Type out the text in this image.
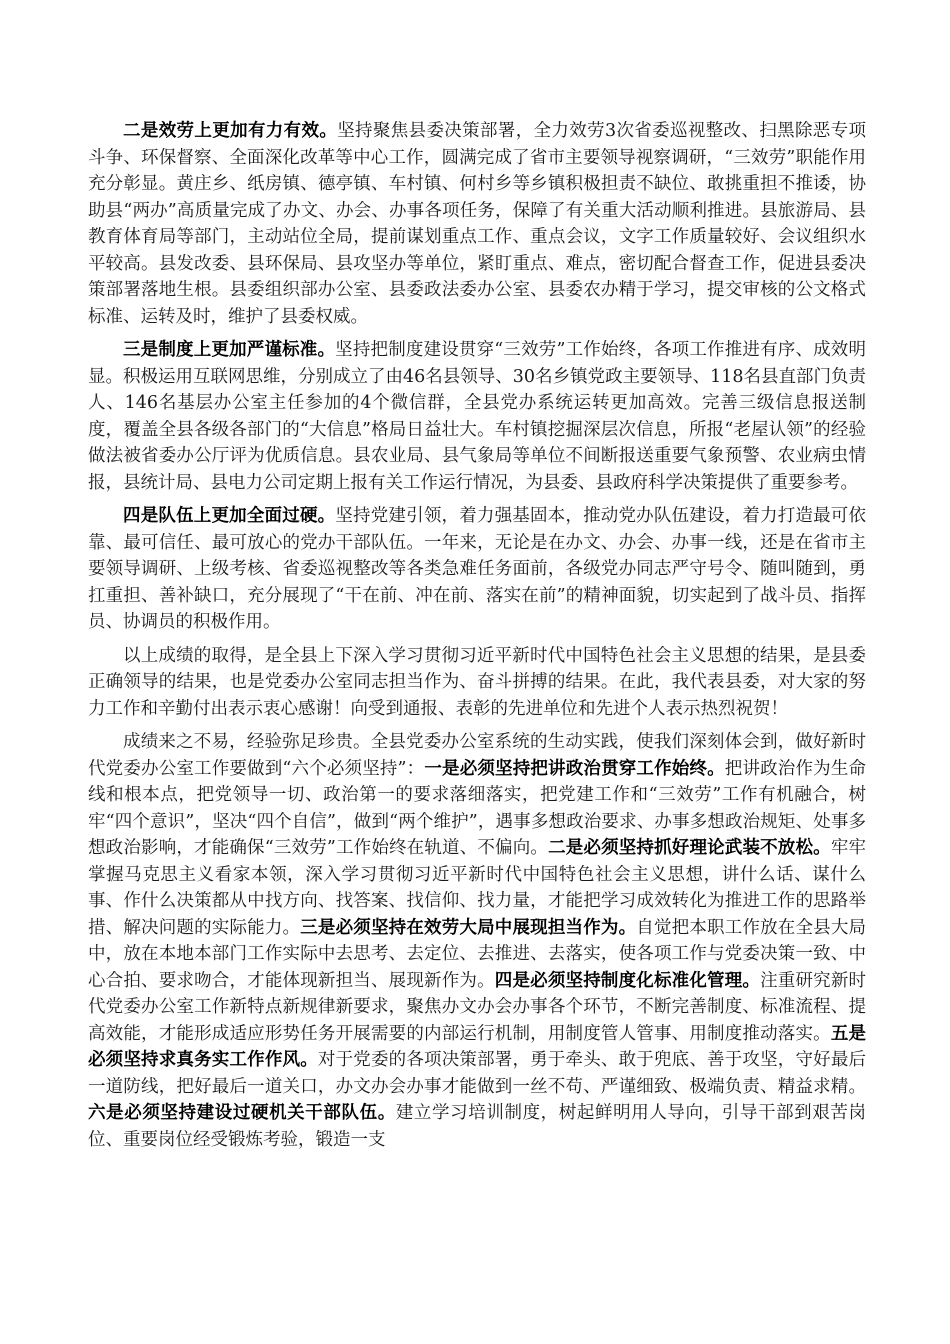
二是效劳上更加有力有效。坚持聚焦县委决策部署，全力效劳3次省委巡视整改、扫黑除恶专项斗争、环保督察、全面深化改革等中心工作，圆满完成了省市主要领导视察调研，“三效劳”职能作用充分彰显。黄庄乡、纸房镇、德亭镇、车村镇、何村乡等乡镇积极担责不缺位、敢挑重担不推诿，协助县“两办”高质量完成了办文、办会、办事各项任务，保障了有关重大活动顺利推进。县旅游局、县教育体育局等部门，主动站位全局，提前谋划重点工作、重点会议，文字工作质量较好、会议组织水平较高。县发改委、县环保局、县攻坚办等单位，紧盯重点、难点，密切配合督查工作，促进县委决策部署落地生根。县委组织部办公室、县委政法委办公室、县委农办精于学习，提交审核的公文格式标准、运转及时，维护了县委权威。

三是制度上更加严谨标准。坚持把制度建设贯穿“三效劳”工作始终，各项工作推进有序、成效明显。积极运用互联网思维，分别成立了由46名县领导、30名乡镇党政主要领导、118名县直部门负责人、146名基层办公室主任参加的4个微信群，全县党办系统运转更加高效。完善三级信息报送制度，覆盖全县各级各部门的“大信息”格局日益壮大。车村镇挖掘深层次信息，所报“老屋认领”的经验做法被省委办公厅评为优质信息。县农业局、县气象局等单位不间断报送重要气象预警、农业病虫情报，县统计局、县电力公司定期上报有关工作运行情况，为县委、县政府科学决策提供了重要参考。

四是队伍上更加全面过硬。坚持党建引领，着力强基固本，推动党办队伍建设，着力打造最可依靠、最可信任、最可放心的党办干部队伍。一年来，无论是在办文、办会、办事一线，还是在省市主要领导调研、上级考核、省委巡视整改等各类急难任务面前，各级党办同志严守号令、随叫随到，勇扛重担、善补缺口，充分展现了“干在前、冲在前、落实在前”的精神面貌，切实起到了战斗员、指挥员、协调员的积极作用。

以上成绩的取得，是全县上下深入学习贯彻习近平新时代中国特色社会主义思想的结果，是县委正确领导的结果，也是党委办公室同志担当作为、奋斗拼搏的结果。在此，我代表县委，对大家的努力工作和辛勤付出表示衷心感谢！向受到通报、表彰的先进单位和先进个人表示热烈祝贺！

成绩来之不易，经验弥足珍贵。全县党委办公室系统的生动实践，使我们深刻体会到，做好新时代党委办公室工作要做到“六个必须坚持”：一是必须坚持把讲政治贯穿工作始终。把讲政治作为生命线和根本点，把党领导一切、政治第一的要求落细落实，把党建工作和“三效劳”工作有机融合，树牢“四个意识”，坚决“四个自信”，做到“两个维护”，遇事多想政治要求、办事多想政治规矩、处事多想政治影响，才能确保“三效劳”工作始终在轨道、不偏向。二是必须坚持抓好理论武装不放松。牢牢掌握马克思主义看家本领，深入学习贯彻习近平新时代中国特色社会主义思想，讲什么话、谋什么事、作什么决策都从中找方向、找答案、找信仰、找力量，才能把学习成效转化为推进工作的思路举措、解决问题的实际能力。三是必须坚持在效劳大局中展现担当作为。自觉把本职工作放在全县大局中，放在本地本部门工作实际中去思考、去定位、去推进、去落实，使各项工作与党委决策一致、中心合拍、要求吻合，才能体现新担当、展现新作为。四是必须坚持制度化标准化管理。注重研究新时代党委办公室工作新特点新规律新要求，聚焦办文办会办事各个环节，不断完善制度、标准流程、提高效能，才能形成适应形势任务开展需要的内部运行机制，用制度管人管事、用制度推动落实。五是必须坚持求真务实工作作风。对于党委的各项决策部署，勇于牵头、敢于兜底、善于攻坚，守好最后一道防线，把好最后一道关口，办文办会办事才能做到一丝不苟、严谨细致、极端负责、精益求精。六是必须坚持建设过硬机关干部队伍。建立学习培训制度，树起鲜明用人导向，引导干部到艰苦岗位、重要岗位经受锻炼考验，锻造一支
